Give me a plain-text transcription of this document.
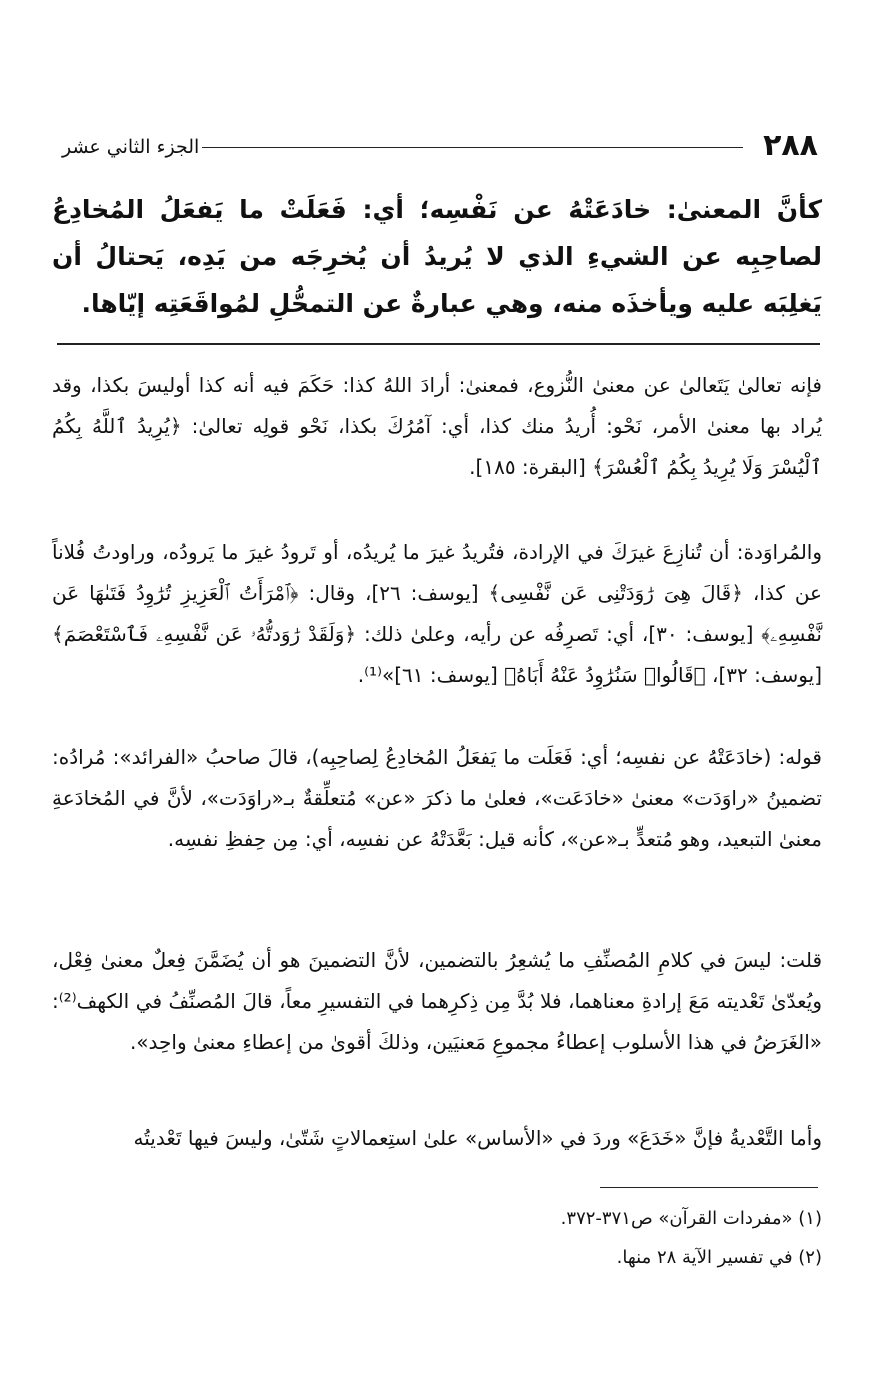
الجزء الثاني عشر	٢٨٨

كأنَّ المعنىٰ: خادَعَتْهُ عن نَفْسِه؛ أي: فَعَلَتْ ما يَفعَلُ المُخادِعُ لصاحِبِه عن الشيءِ الذي لا يُريدُ أن يُخرِجَه من يَدِه، يَحتالُ أن يَغلِبَه عليه ويأخذَه منه، وهي عبارةٌ عن التمحُّلِ لمُواقَعَتِه إيّاها.

فإنه تعالىٰ يَتَعالىٰ عن معنىٰ النُّزوع، فمعنىٰ: أرادَ اللهُ كذا: حَكَمَ فيه أنه كذا أوليسَ بكذا، وقد يُراد بها معنىٰ الأمر، نَحْو: أُريدُ منك كذا، أي: آمُرُكَ بكذا، نَحْو قولِه تعالىٰ: ﴿يُرِيدُ ٱللَّهُ بِكُمُ ٱلْيُسْرَ وَلَا يُرِيدُ بِكُمُ ٱلْعُسْرَ﴾ [البقرة: ١٨٥].

والمُراوَدة: أن تُنازِعَ غيرَكَ في الإرادة، فتُريدُ غيرَ ما يُريدُه، أو تَرودُ غيرَ ما يَرودُه، وراودتُ فُلاناً عن كذا، ﴿قَالَ هِىَ رَٰوَدَتْنِى عَن نَّفْسِى﴾ [يوسف: ٢٦]، وقال: ﴿ٱمْرَأَتُ ٱلْعَزِيزِ تُرَٰوِدُ فَتَىٰهَا عَن نَّفْسِهِۦ﴾ [يوسف: ٣٠]، أي: تَصرِفُه عن رأيه، وعلىٰ ذلك: ﴿وَلَقَدْ رَٰوَدتُّهُۥ عَن نَّفْسِهِۦ فَٱسْتَعْصَمَ﴾ [يوسف: ٣٢]، ﴿قَالُوا۟ سَنُرَٰوِدُ عَنْهُ أَبَاهُ﴾ [يوسف: ٦١]»⁽¹⁾.

قوله: (خادَعَتْهُ عن نفسِه؛ أي: فَعَلَت ما يَفعَلُ المُخادِعُ لِصاحِبِه)، قالَ صاحبُ «الفرائد»: مُرادُه: تضمينُ «راوَدَت» معنىٰ «خادَعَت»، فعلىٰ ما ذكرَ «عن» مُتعلِّقةٌ بـ«راوَدَت»، لأنَّ في المُخادَعةِ معنىٰ التبعيد، وهو مُتعدٍّ بـ«عن»، كأنه قيل: بَعَّدَتْهُ عن نفسِه، أي: مِن حِفظِ نفسِه.

قلت: ليسَ في كلامِ المُصنِّفِ ما يُشعِرُ بالتضمين، لأنَّ التضمينَ هو أن يُضَمَّنَ فِعلٌ معنىٰ فِعْل، ويُعدّىٰ تَعْديته مَعَ إرادةِ معناهما، فلا بُدَّ مِن ذِكرِهما في التفسيرِ معاً، قالَ المُصنِّفُ في الكهف⁽²⁾: «الغَرَضُ في هذا الأسلوب إعطاءُ مجموعِ مَعنيَين، وذلكَ أقوىٰ من إعطاءِ معنىٰ واحِد».

وأما التَّعْديةُ فإنَّ «خَدَعَ» وردَ في «الأساس» علىٰ استِعمالاتٍ شَتّىٰ، وليسَ فيها تَعْديتُه

(١) «مفردات القرآن» ص٣٧١-٣٧٢.
(٢) في تفسير الآية ٢٨ منها.
